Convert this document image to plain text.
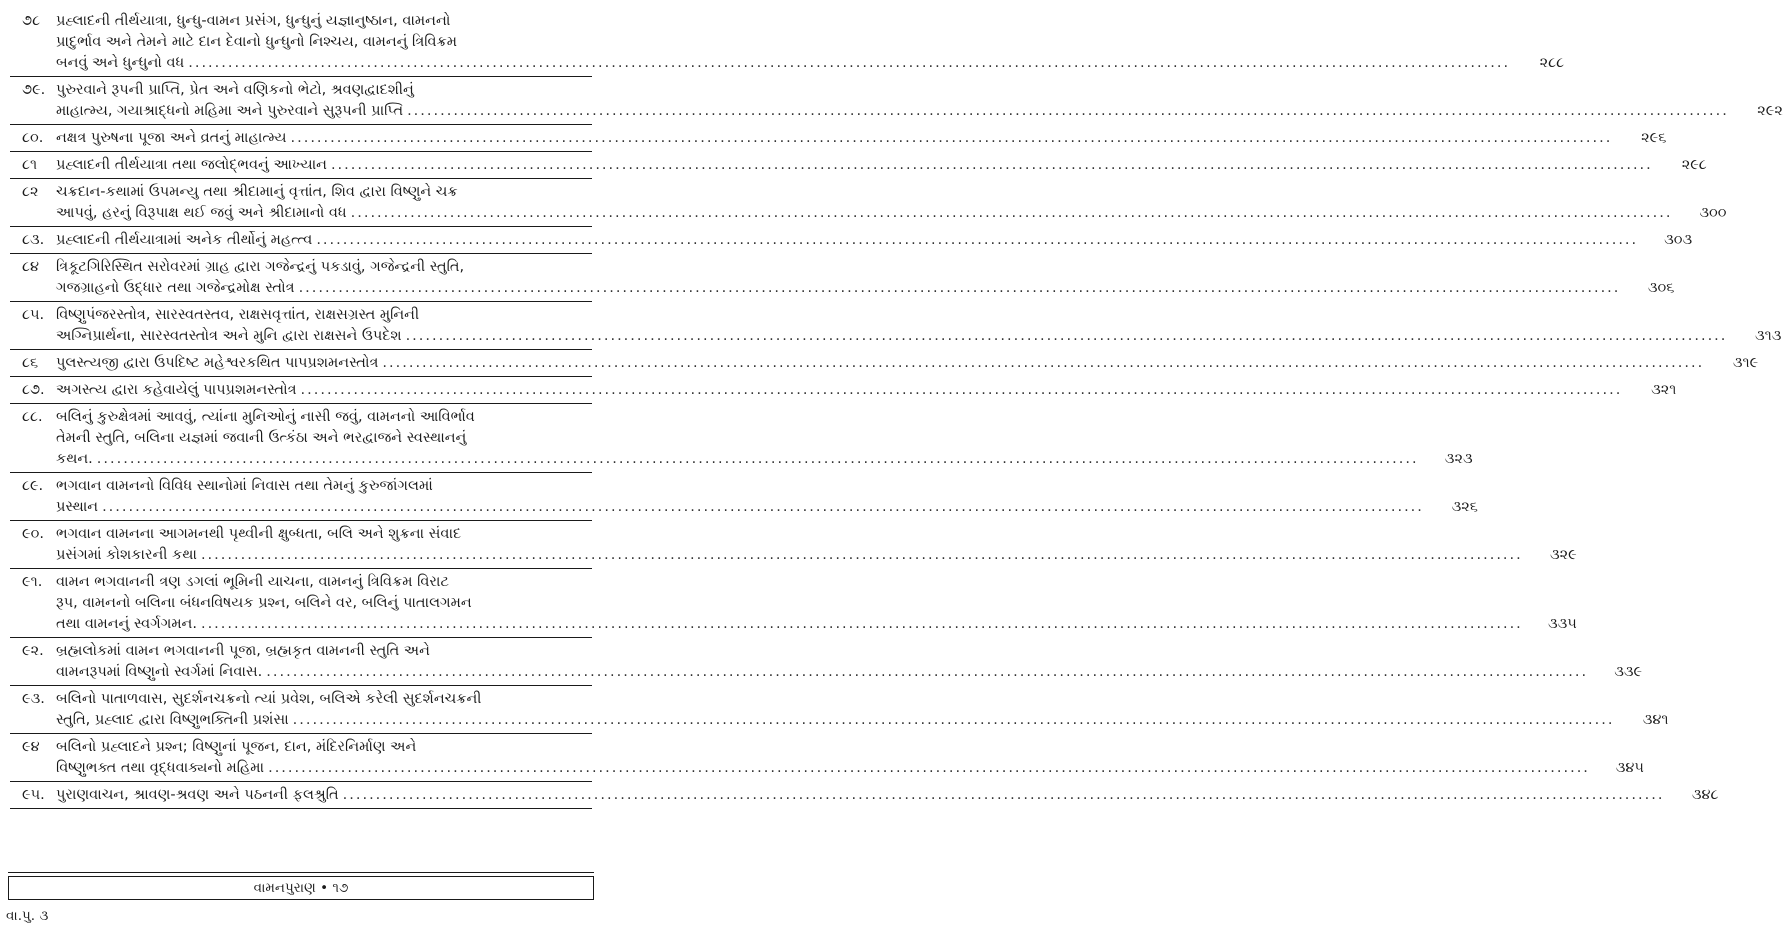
૭૮	પ્રહ્લાદની તીર્થયાત્રા, ધુન્ધુ-વામન પ્રસંગ, ધુન્ધુનું યજ્ઞાનુષ્ઠાન, વામનનો
પ્રાદુર્ભાવ અને તેમને માટે દાન દેવાનો ધુન્ધુનો નિશ્ચય, વામનનું ત્રિવિક્રમ
બનવું અને ધુન્ધુનો વધ ........................................................................................................................................................................................................	૨૮૮
૭૯. પુરુરવાને રૂપની પ્રાપ્તિ, પ્રેત અને વણિકનો ભેટો, શ્રવણદ્વાદશીનું
માહાત્મ્ય, ગયાશ્રાદ્ધનો મહિમા અને પુરુરવાને સુરૂપની પ્રાપ્તિ ........................................................................................................................................................................................................	૨૯૨
૮૦. નક્ષત્ર પુરુષના પૂજા અને વ્રતનું માહાત્મ્ય ........................................................................................................................................................................................................	૨૯૬
૮૧	પ્રહ્લાદની તીર્થયાત્રા તથા જલોદ્‌ભવનું આખ્યાન ........................................................................................................................................................................................................	૨૯૮
૮૨	ચક્રદાન-કથામાં ઉપમન્યુ તથા શ્રીદામાનું વૃત્તાંત, શિવ દ્વારા વિષ્ણુને ચક્ર
આપવું, હરનું વિરૂપાક્ષ થઈ જવું અને શ્રીદામાનો વધ ........................................................................................................................................................................................................	૩૦૦
૮૩. પ્રહ્લાદની તીર્થયાત્રામાં અનેક તીર્થોનું મહત્ત્વ ........................................................................................................................................................................................................	૩૦૩
૮૪	ત્રિકૂટગિરિસ્થિત સરોવરમાં ગ્રાહ દ્વારા ગજેન્દ્રનું પકડાવું, ગજેન્દ્રની સ્તુતિ,
ગજગ્રાહનો ઉદ્ધાર તથા ગજેન્દ્રમોક્ષ સ્તોત્ર ........................................................................................................................................................................................................	૩૦૬
૮૫. વિષ્ણુપંજરસ્તોત્ર, સારસ્વતસ્તવ, રાક્ષસવૃત્તાંત, રાક્ષસગ્રસ્ત મુનિની
અગ્નિપ્રાર્થના, સારસ્વતસ્તોત્ર અને મુનિ દ્વારા રાક્ષસને ઉપદેશ ........................................................................................................................................................................................................	૩૧૩
૮૬	પુલસ્ત્યજી દ્વારા ઉપદિષ્ટ મહેશ્વરકથિત પાપપ્રશમનસ્તોત્ર ........................................................................................................................................................................................................	૩૧૯
૮૭. અગસ્ત્ય દ્વારા કહેવાયેલું પાપપ્રશમનસ્તોત્ર ........................................................................................................................................................................................................	૩૨૧
૮૮. બલિનું કુરુક્ષેત્રમાં આવવું, ત્યાંના મુનિઓનું નાસી જવું, વામનનો આવિર્ભાવ
તેમની સ્તુતિ, બલિના યજ્ઞમાં જવાની ઉત્કંઠા અને ભરદ્વાજને સ્વસ્થાનનું
કથન. ........................................................................................................................................................................................................	૩૨૩
૮૯. ભગવાન વામનનો વિવિધ સ્થાનોમાં નિવાસ તથા તેમનું કુરુજાંગલમાં
પ્રસ્થાન ........................................................................................................................................................................................................	૩૨૬
૯૦. ભગવાન વામનના આગમનથી પૃથ્વીની ક્ષુબ્ધતા, બલિ અને શુક્રના સંવાદ
પ્રસંગમાં કોશકારની કથા ........................................................................................................................................................................................................	૩૨૯
૯૧. વામન ભગવાનની ત્રણ ડગલાં ભૂમિની યાચના, વામનનું ત્રિવિક્રમ વિરાટ
રૂપ, વામનનો બલિના બંધનવિષયક પ્રશ્ન, બલિને વર, બલિનું પાતાલગમન
તથા વામનનું સ્વર્ગગમન. ........................................................................................................................................................................................................	૩૩૫
૯૨. બ્રહ્મલોકમાં વામન ભગવાનની પૂજા, બ્રહ્મકૃત વામનની સ્તુતિ અને
વામનરૂપમાં વિષ્ણુનો સ્વર્ગમાં નિવાસ. ........................................................................................................................................................................................................	૩૩૯
૯૩. બલિનો પાતાળવાસ, સુદર્શનચક્રનો ત્યાં પ્રવેશ, બલિએ કરેલી સુદર્શનચક્રની
સ્તુતિ, પ્રહ્લાદ દ્વારા વિષ્ણુભક્તિની પ્રશંસા ........................................................................................................................................................................................................	૩૪૧
૯૪	બલિનો પ્રહ્લાદને પ્રશ્ન; વિષ્ણુનાં પૂજન, દાન, મંદિરનિર્માણ અને
વિષ્ણુભક્ત તથા વૃદ્ધવાક્યનો મહિમા ........................................................................................................................................................................................................	૩૪૫
૯૫. પુરાણવાચન, શ્રાવણ-શ્રવણ અને પઠનની ફલશ્રુતિ ........................................................................................................................................................................................................	૩૪૮
વામનપુરાણ • ૧૭
વા.પુ. ૩
